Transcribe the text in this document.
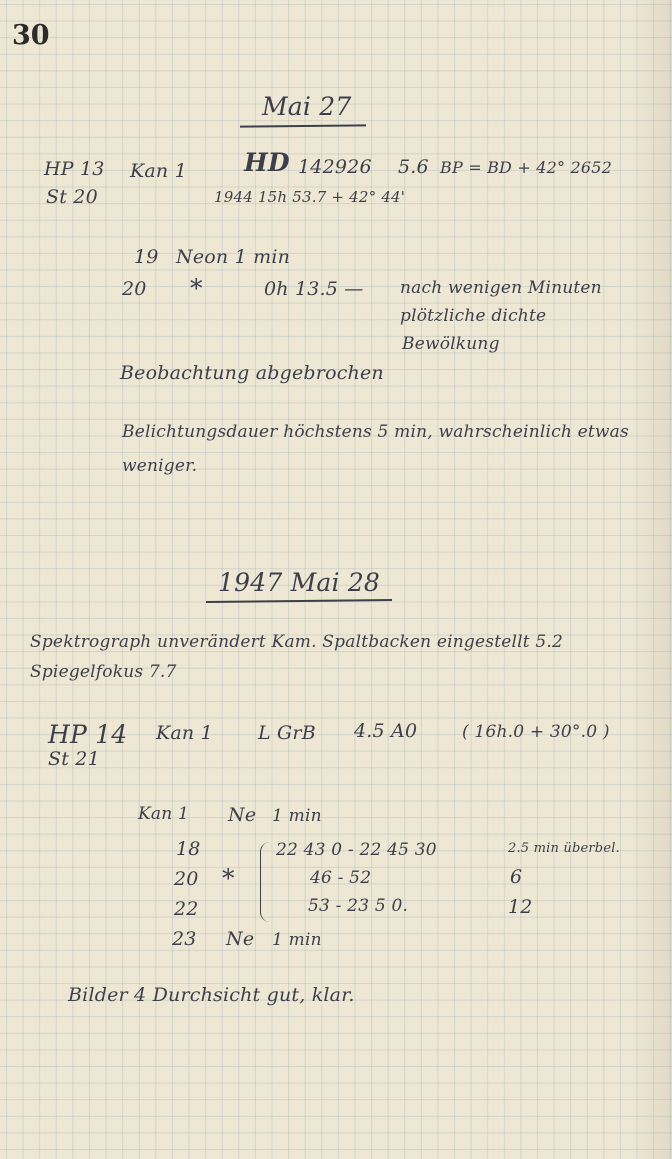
30
Mai 27
HP 13
St 20
Kan 1 HD 142926 5.6 BP = BD + 42° 2652
1944 15h 53.7 + 42° 44'
19 Neon 1 min
20 *	0h 13.5 — nach wenigen Minuten
plötzliche dichte
Bewölkung
Beobachtung abgebrochen
Belichtungsdauer höchstens 5 min, wahrscheinlich etwas
weniger.
1947 Mai 28
Spektrograph unverändert Kam. Spaltbacken eingestellt 5.2
Spiegelfokus 7.7
HP 14
St 21
Kan 1 L GrB 4.5 A0	( 16h.0 + 30°.0 )
Kan 1 Ne 1 min
18	22 43 0 - 22 45 30	2.5 min überbel.
20 *	46 - 52	6
22	53 - 23 5 0.	12
23 Ne 1 min
Bilder 4 Durchsicht gut, klar.
